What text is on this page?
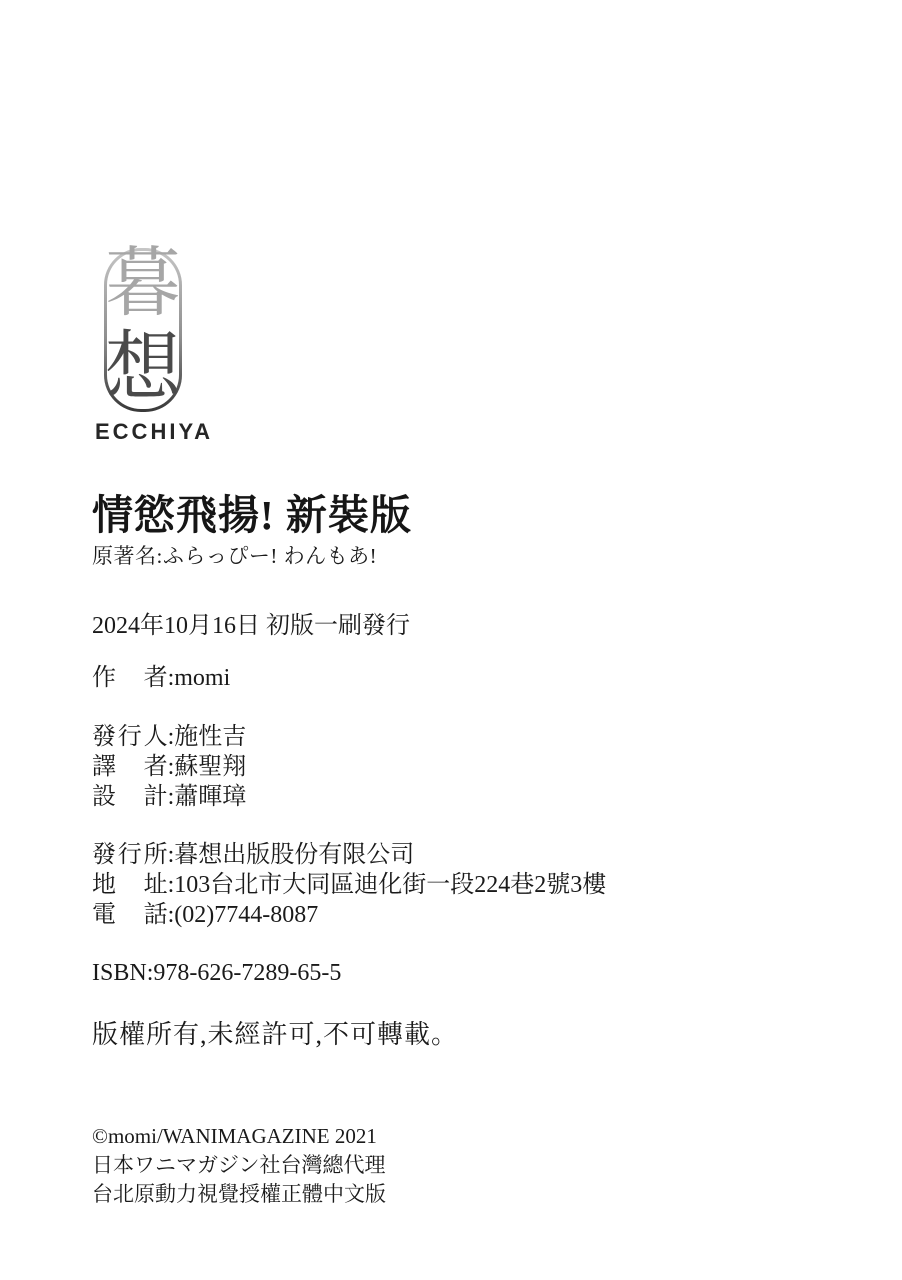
暮
想
ECCHIYA
情慾飛揚! 新裝版
原著名:ふらっぴー! わんもあ!
2024年10月16日 初版一刷發行
作者:momi
發行人:施性吉
譯者:蘇聖翔
設計:蕭暉璋
發行所:暮想出版股份有限公司
地址:103台北市大同區迪化街一段224巷2號3樓
電話:(02)7744-8087
ISBN:978-626-7289-65-5
版權所有,未經許可,不可轉載。
©momi/WANIMAGAZINE 2021
日本ワニマガジン社台灣總代理
台北原動力視覺授權正體中文版
